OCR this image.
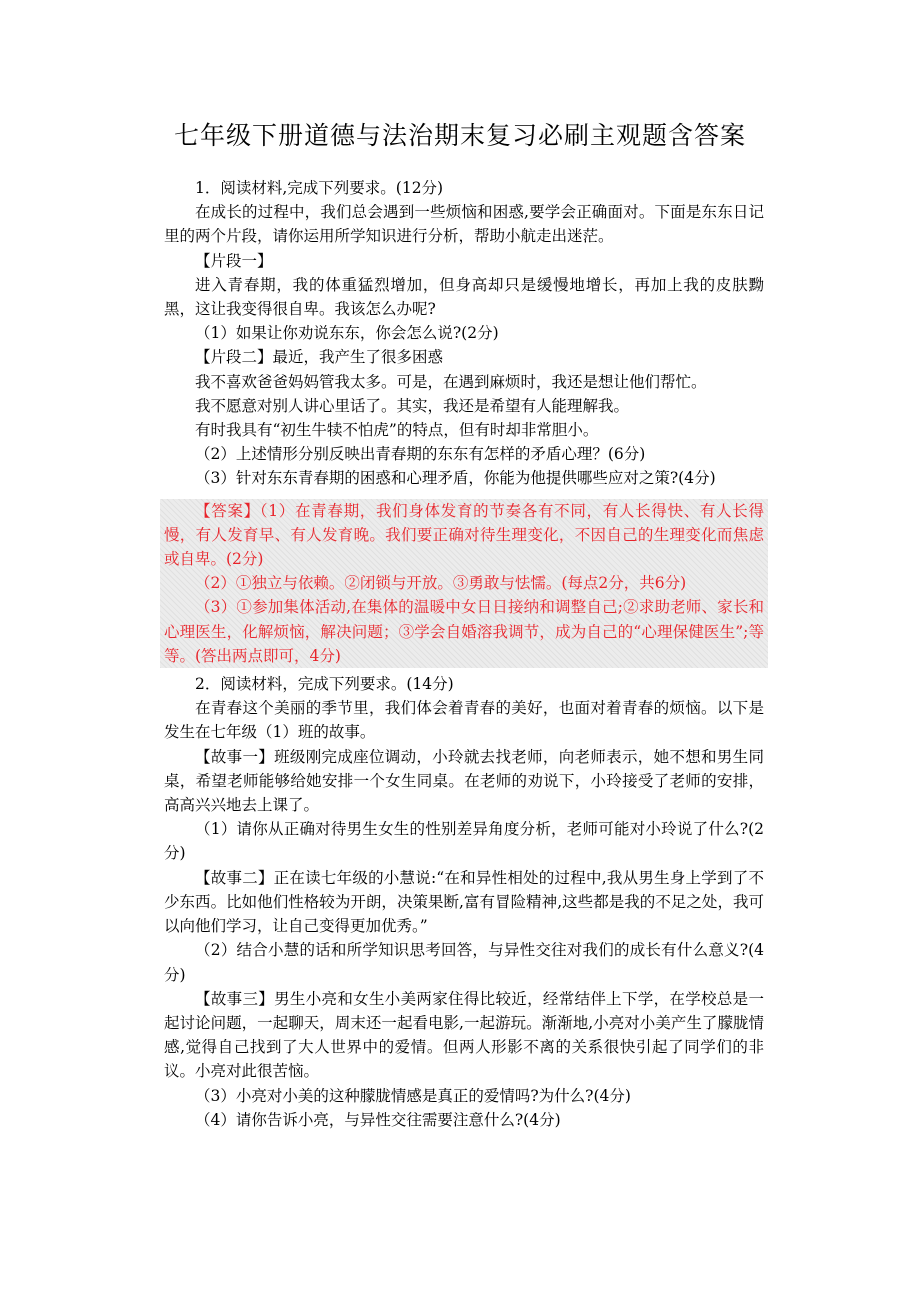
七年级下册道德与法治期末复习必刷主观题含答案

1．阅读材料,完成下列要求。(12分)

在成长的过程中，我们总会遇到一些烦恼和困惑,要学会正确面对。下面是东东日记里的两个片段，请你运用所学知识进行分析，帮助小航走出迷茫。

【片段一】

进入青春期，我的体重猛烈增加，但身高却只是缓慢地增长，再加上我的皮肤黝黑，这让我变得很自卑。我该怎么办呢?

（1）如果让你劝说东东，你会怎么说?(2分)

【片段二】最近，我产生了很多困惑

我不喜欢爸爸妈妈管我太多。可是，在遇到麻烦时，我还是想让他们帮忙。

我不愿意对别人讲心里话了。其实，我还是希望有人能理解我。

有时我具有“初生牛犊不怕虎”的特点，但有时却非常胆小。

（2）上述情形分别反映出青春期的东东有怎样的矛盾心理？(6分)

（3）针对东东青春期的困惑和心理矛盾，你能为他提供哪些应对之策?(4分)

【答案】（1）在青春期，我们身体发育的节奏各有不同，有人长得快、有人长得慢，有人发育早、有人发育晚。我们要正确对待生理变化，不因自己的生理变化而焦虑或自卑。(2分)

（2）①独立与依赖。②闭锁与开放。③勇敢与怯懦。(每点2分，共6分)

（3）①参加集体活动,在集体的温暖中女日日接纳和调整自己;②求助老师、家长和心理医生，化解烦恼，解决问题；③学会自婚溶我调节，成为自己的“心理保健医生”;等等。(答出两点即可，4分)

2．阅读材料，完成下列要求。(14分)

在青春这个美丽的季节里，我们体会着青春的美好，也面对着青春的烦恼。以下是发生在七年级（1）班的故事。

【故事一】班级刚完成座位调动，小玲就去找老师，向老师表示，她不想和男生同桌，希望老师能够给她安排一个女生同桌。在老师的劝说下，小玲接受了老师的安排，高高兴兴地去上课了。

（1）请你从正确对待男生女生的性别差异角度分析，老师可能对小玲说了什么?(2分)

【故事二】正在读七年级的小慧说:“在和异性相处的过程中,我从男生身上学到了不少东西。比如他们性格较为开朗，决策果断,富有冒险精神,这些都是我的不足之处，我可以向他们学习，让自己变得更加优秀。”

（2）结合小慧的话和所学知识思考回答，与异性交往对我们的成长有什么意义?(4分)

【故事三】男生小亮和女生小美两家住得比较近，经常结伴上下学，在学校总是一起讨论问题，一起聊天，周末还一起看电影,一起游玩。渐渐地,小亮对小美产生了朦胧情感,觉得自己找到了大人世界中的爱情。但两人形影不离的关系很快引起了同学们的非议。小亮对此很苦恼。

（3）小亮对小美的这种朦胧情感是真正的爱情吗?为什么?(4分)

（4）请你告诉小亮，与异性交往需要注意什么?(4分)
